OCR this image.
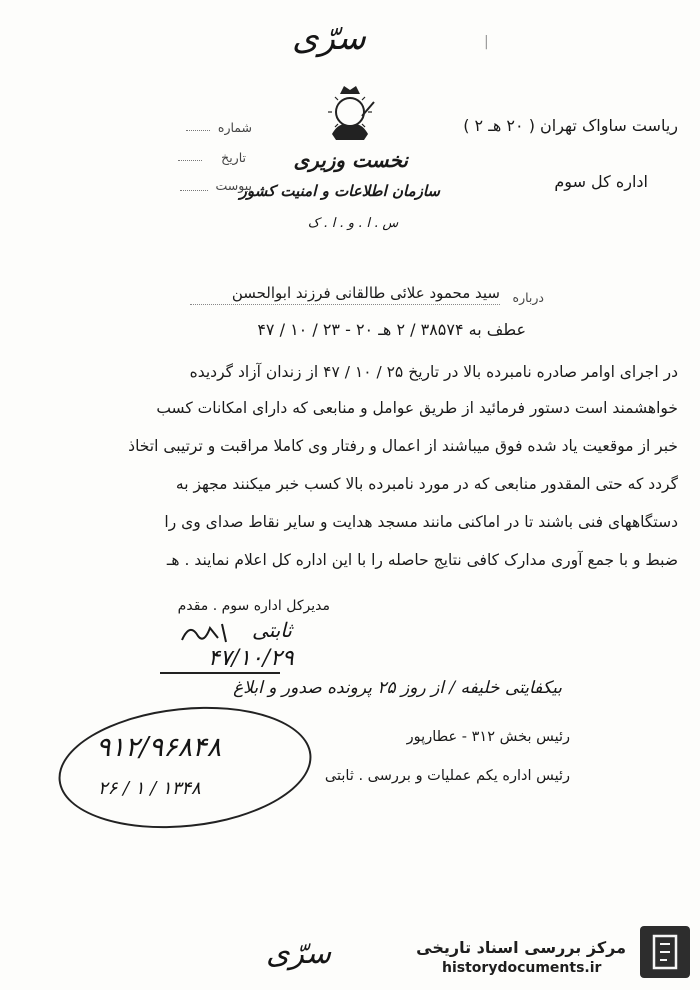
سرّی	|
نخست وزیری
سازمان اطلاعات و امنیت کشور
س . ا . و . ا . ک
شماره
تاریخ
پیوست
ریاست ساواک تهران ( ۲۰ هـ ۲ )
اداره کل سوم
درباره
سید محمود علائی طالقانی فرزند ابوالحسن
عطف به ۳۸۵۷۴ / ۲ هـ ۲۰ - ۲۳ / ۱۰ / ۴۷
در اجرای اوامر صادره نامبرده بالا در تاریخ ۲۵ / ۱۰ / ۴۷ از زندان آزاد گردیده
خواهشمند است دستور فرمائید از طریق عوامل و منابعی که دارای امکانات کسب
خبر از موقعیت یاد شده فوق میباشند از اعمال و رفتار وی کاملا مراقبت و ترتیبی اتخاذ
گردد که حتی المقدور منابعی که در مورد نامبرده بالا کسب خبر میکنند مجهز به
دستگاههای فنی باشند تا در اماکنی مانند مسجد هدایت و سایر نقاط صدای وی را
ضبط و با جمع آوری مدارک کافی نتایج حاصله را با این اداره کل اعلام نمایند . هـ
مدیرکل اداره سوم . مقدم
ثابتی
۴۷/۱۰/۲۹
بیکفایتی خلیفه / از روز ۲۵ پرونده صدور و ابلاغ
رئیس بخش ۳۱۲ - عطارپور
رئیس اداره یکم عملیات و بررسی . ثابتی
۹۱۲/۹۶۸۴۸
۲۶ / ۱ / ۱۳۴۸
سرّی	مرکز بررسی اسناد تاریخی
historydocuments.ir
